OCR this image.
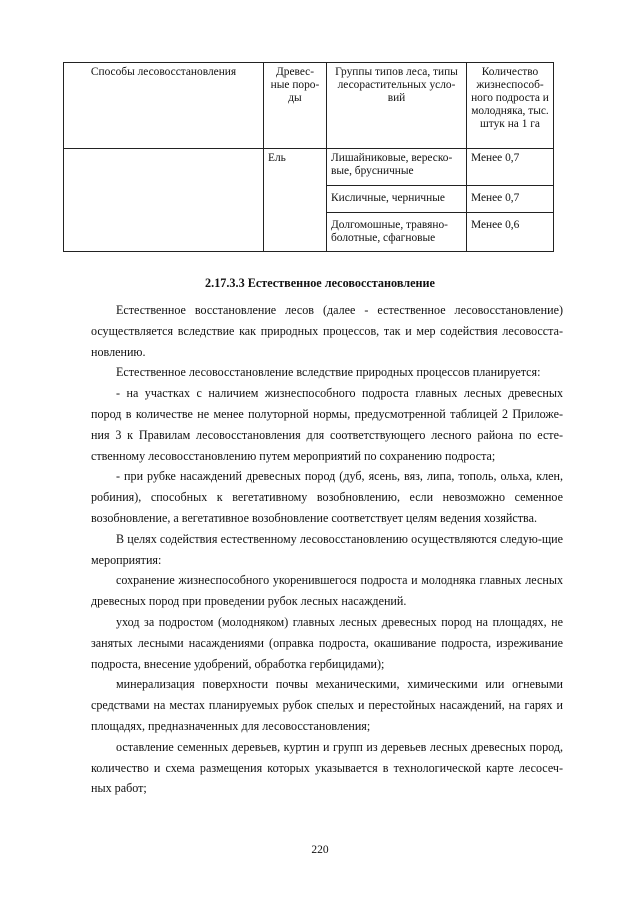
Способы лесовосстановления	Древес-ные поро-ды	Группы типов леса, типы лесорастительных усло-вий	Количество жизнеспособ-ного подроста и молодняка, тыс. штук на 1 га
	Ель	Лишайниковые, вереско-вые, брусничные	Менее 0,7
		Кисличные, черничные	Менее 0,7
		Долгомошные, травяно-болотные, сфагновые	Менее 0,6
2.17.3.3 Естественное лесовосстановление

Естественное восстановление лесов (далее - естественное лесовосстановление) осуществляется вследствие как природных процессов, так и мер содействия лесовосста-новлению.

Естественное лесовосстановление вследствие природных процессов планируется:

- на участках с наличием жизнеспособного подроста главных лесных древесных пород в количестве не менее полуторной нормы, предусмотренной таблицей 2 Приложе-ния 3 к Правилам лесовосстановления для соответствующего лесного района по есте-ственному лесовосстановлению путем мероприятий по сохранению подроста;

- при рубке насаждений древесных пород (дуб, ясень, вяз, липа, тополь, ольха, клен, робиния), способных к вегетативному возобновлению, если невозможно семенное возобновление, а вегетативное возобновление соответствует целям ведения хозяйства.

В целях содействия естественному лесовосстановлению осуществляются следую-щие мероприятия:

сохранение жизнеспособного укоренившегося подроста и молодняка главных лесных древесных пород при проведении рубок лесных насаждений.

уход за подростом (молодняком) главных лесных древесных пород на площадях, не занятых лесными насаждениями (оправка подроста, окашивание подроста, изреживание подроста, внесение удобрений, обработка гербицидами);

минерализация поверхности почвы механическими, химическими или огневыми средствами на местах планируемых рубок спелых и перестойных насаждений, на гарях и площадях, предназначенных для лесовосстановления;

оставление семенных деревьев, куртин и групп из деревьев лесных древесных пород, количество и схема размещения которых указывается в технологической карте лесосеч-ных работ;

220
